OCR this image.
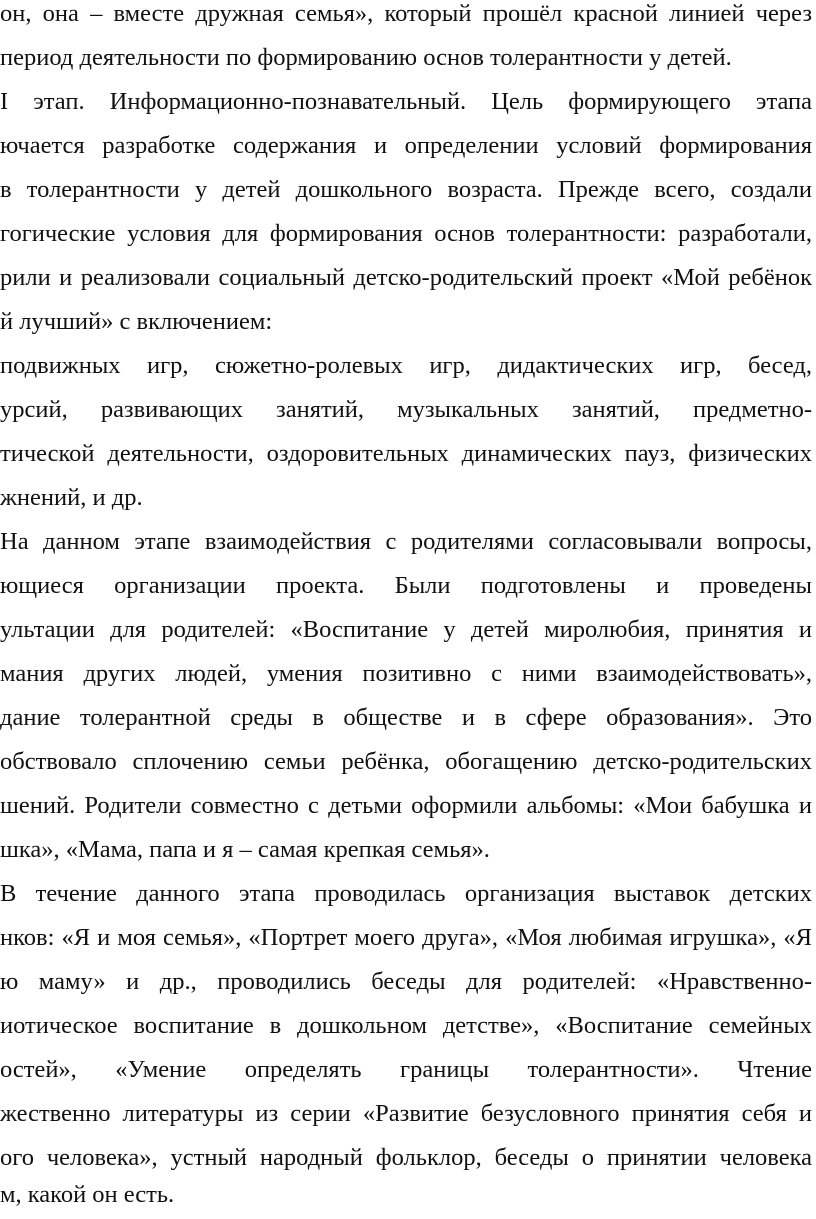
он, она – вместе дружная семья», который прошёл красной линией через
период деятельности по формированию основ толерантности у детей.
I этап. Информационно-познавательный. Цель формирующего этапа
ючается разработке содержания и определении условий формирования
в толерантности у детей дошкольного возраста. Прежде всего, создали
гогические условия для формирования основ толерантности: разработали,
рили и реализовали социальный детско-родительский проект «Мой ребёнок
й лучший» с включением:
подвижных игр, сюжетно-ролевых игр, дидактических игр, бесед,
урсий, развивающих занятий, музыкальных занятий, предметно-
тической деятельности, оздоровительных динамических пауз, физических
жнений, и др.
На данном этапе взаимодействия с родителями согласовывали вопросы,
ющиеся организации проекта. Были подготовлены и проведены
ультации для родителей: «Воспитание у детей миролюбия, принятия и
мания других людей, умения позитивно с ними взаимодействовать»,
дание толерантной среды в обществе и в сфере образования». Это
обствовало сплочению семьи ребёнка, обогащению детско-родительских
шений. Родители совместно с детьми оформили альбомы: «Мои бабушка и
шка», «Мама, папа и я – самая крепкая семья».
В течение данного этапа проводилась организация выставок детских
нков: «Я и моя семья», «Портрет моего друга», «Моя любимая игрушка», «Я
ю маму» и др., проводились беседы для родителей: «Нравственно-
иотическое воспитание в дошкольном детстве», «Воспитание семейных
остей», «Умение определять границы толерантности». Чтение
жественно литературы из серии «Развитие безусловного принятия себя и
ого человека», устный народный фольклор, беседы о принятии человека
м, какой он есть.
